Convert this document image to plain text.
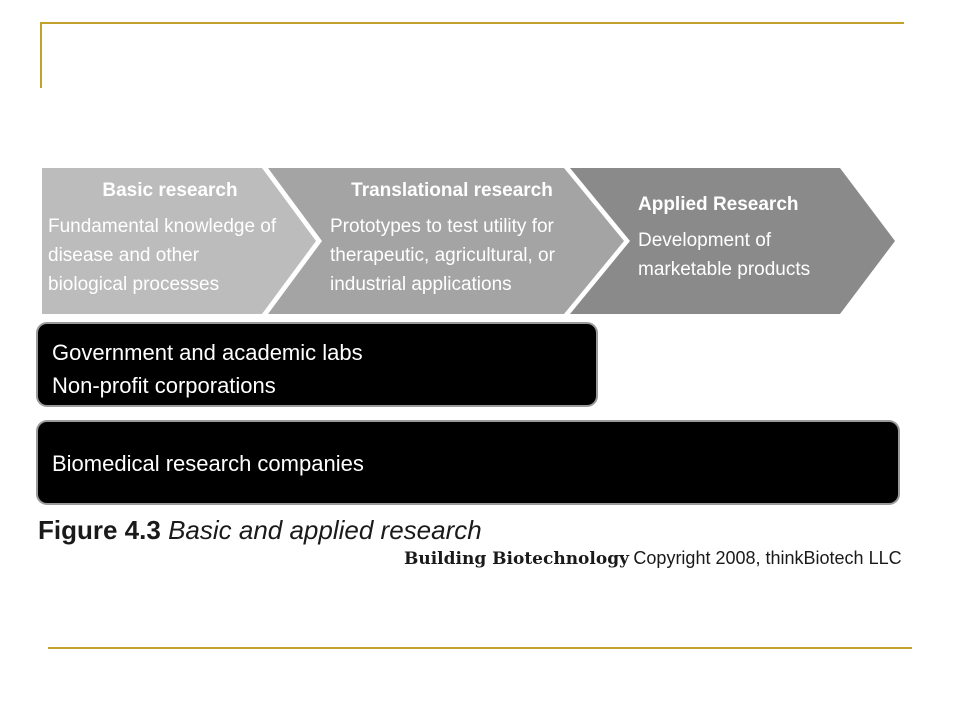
Basic research
Fundamental knowledge of
disease and other
biological processes
Translational research
Prototypes to test utility for
therapeutic, agricultural, or
industrial applications
Applied Research
Development of
marketable products
Government and academic labs
Non-profit corporations
Biomedical research companies
Figure 4.3 Basic and applied research
Building Biotechnology Copyright 2008, thinkBiotech LLC
